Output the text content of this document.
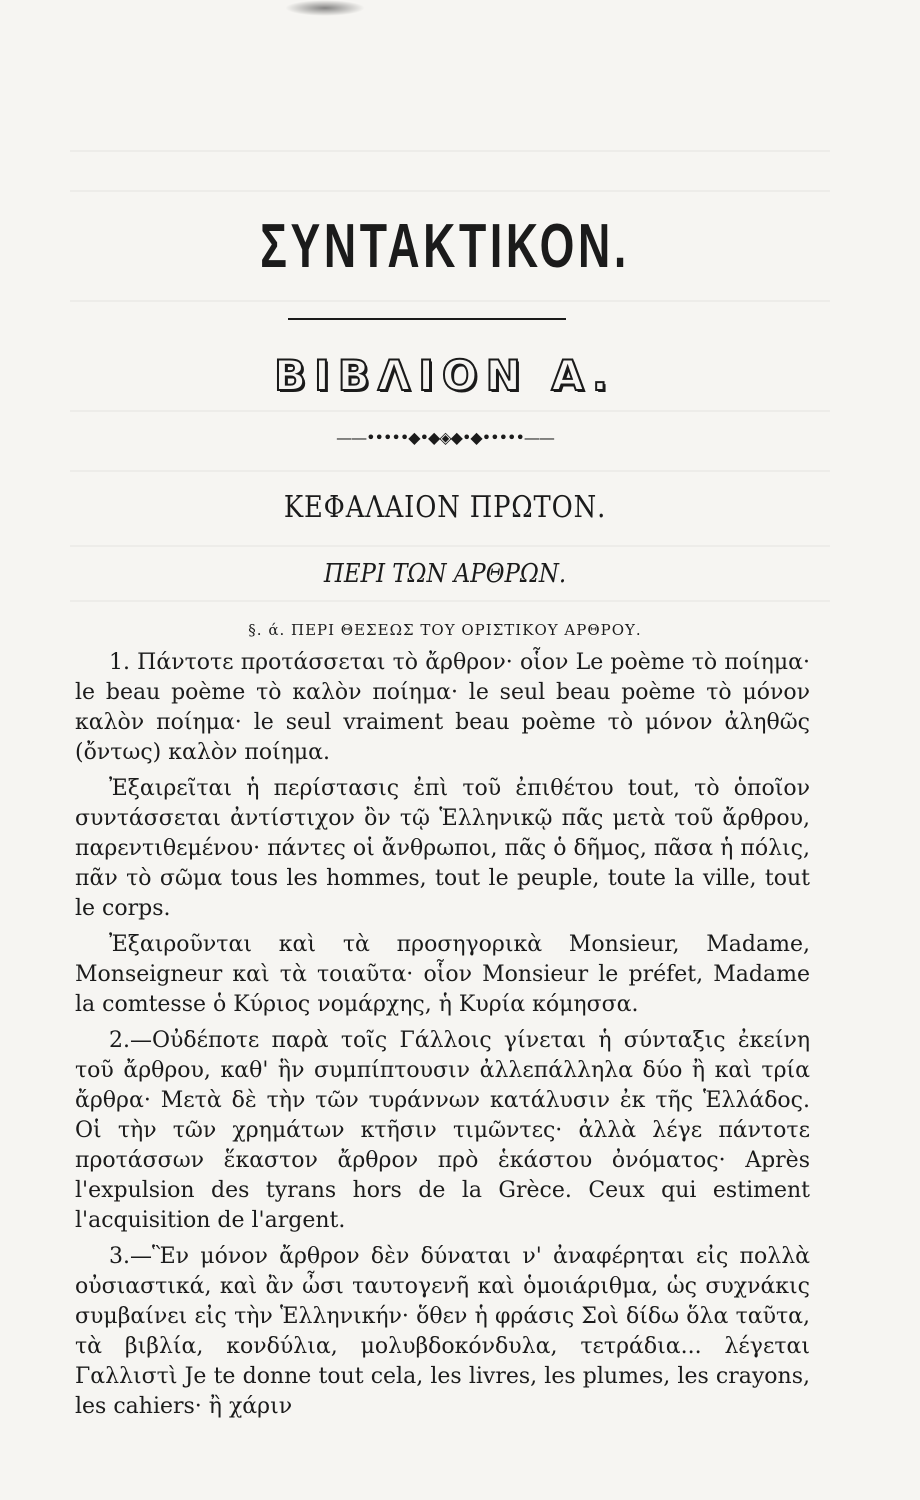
ΣΥΝΤΑΚΤΙΚΟΝ.
ΒΙΒΛΙΟΝ Α.
——•••••◆•◆◈◆•◆•••••——
ΚΕΦΑΛΑΙΟΝ ΠΡΩΤΟΝ.
ΠΕΡΙ ΤΩΝ ΑΡΘΡΩΝ.
§. ά. ΠΕΡΙ ΘΕΣΕΩΣ ΤΟΥ ΟΡΙΣΤΙΚΟΥ ΑΡΘΡΟΥ.

1. Πάντοτε προτάσσεται τὸ ἄρθρον· οἷον Le poème τὸ ποίημα· le beau poème τὸ καλὸν ποίημα· le seul beau poème τὸ μόνον καλὸν ποίημα· le seul vraiment beau poème τὸ μόνον ἀληθῶς (ὄντως) καλὸν ποίημα.

Ἐξαιρεῖται ἡ περίστασις ἐπὶ τοῦ ἐπιθέτου tout, τὸ ὁποῖον συντάσσεται ἀντίστιχον ὂν τῷ Ἑλληνικῷ πᾶς μετὰ τοῦ ἄρθρου, παρεντιθεμένου· πάντες οἱ ἄνθρωποι, πᾶς ὁ δῆμος, πᾶσα ἡ πόλις, πᾶν τὸ σῶμα tous les hommes, tout le peuple, toute la ville, tout le corps.

Ἐξαιροῦνται καὶ τὰ προσηγορικὰ Monsieur, Madame, Monseigneur καὶ τὰ τοιαῦτα· οἷον Monsieur le préfet, Madame la comtesse ὁ Κύριος νομάρχης, ἡ Κυρία κόμησσα.

2.—Οὐδέποτε παρὰ τοῖς Γάλλοις γίνεται ἡ σύνταξις ἐκείνη τοῦ ἄρθρου, καθ' ἣν συμπίπτουσιν ἀλλεπάλληλα δύο ἢ καὶ τρία ἄρθρα· Μετὰ δὲ τὴν τῶν τυράννων κατάλυσιν ἐκ τῆς Ἑλλάδος. Οἱ τὴν τῶν χρημάτων κτῆσιν τιμῶντες· ἀλλὰ λέγε πάντοτε προτάσσων ἕκαστον ἄρθρον πρὸ ἑκάστου ὀνόματος· Après l'expulsion des tyrans hors de la Grèce. Ceux qui estiment l'acquisition de l'argent.

3.—Ἓν μόνον ἄρθρον δὲν δύναται ν' ἀναφέρηται εἰς πολλὰ οὐσιαστικά, καὶ ἂν ὦσι ταυτογενῆ καὶ ὁμοιάριθμα, ὡς συχνάκις συμβαίνει εἰς τὴν Ἑλληνικήν· ὅθεν ἡ φράσις Σοὶ δίδω ὅλα ταῦτα, τὰ βιβλία, κονδύλια, μολυβδοκόνδυλα, τετράδια... λέγεται Γαλλιστὶ Je te donne tout cela, les livres, les plumes, les crayons, les cahiers· ἢ χάριν
